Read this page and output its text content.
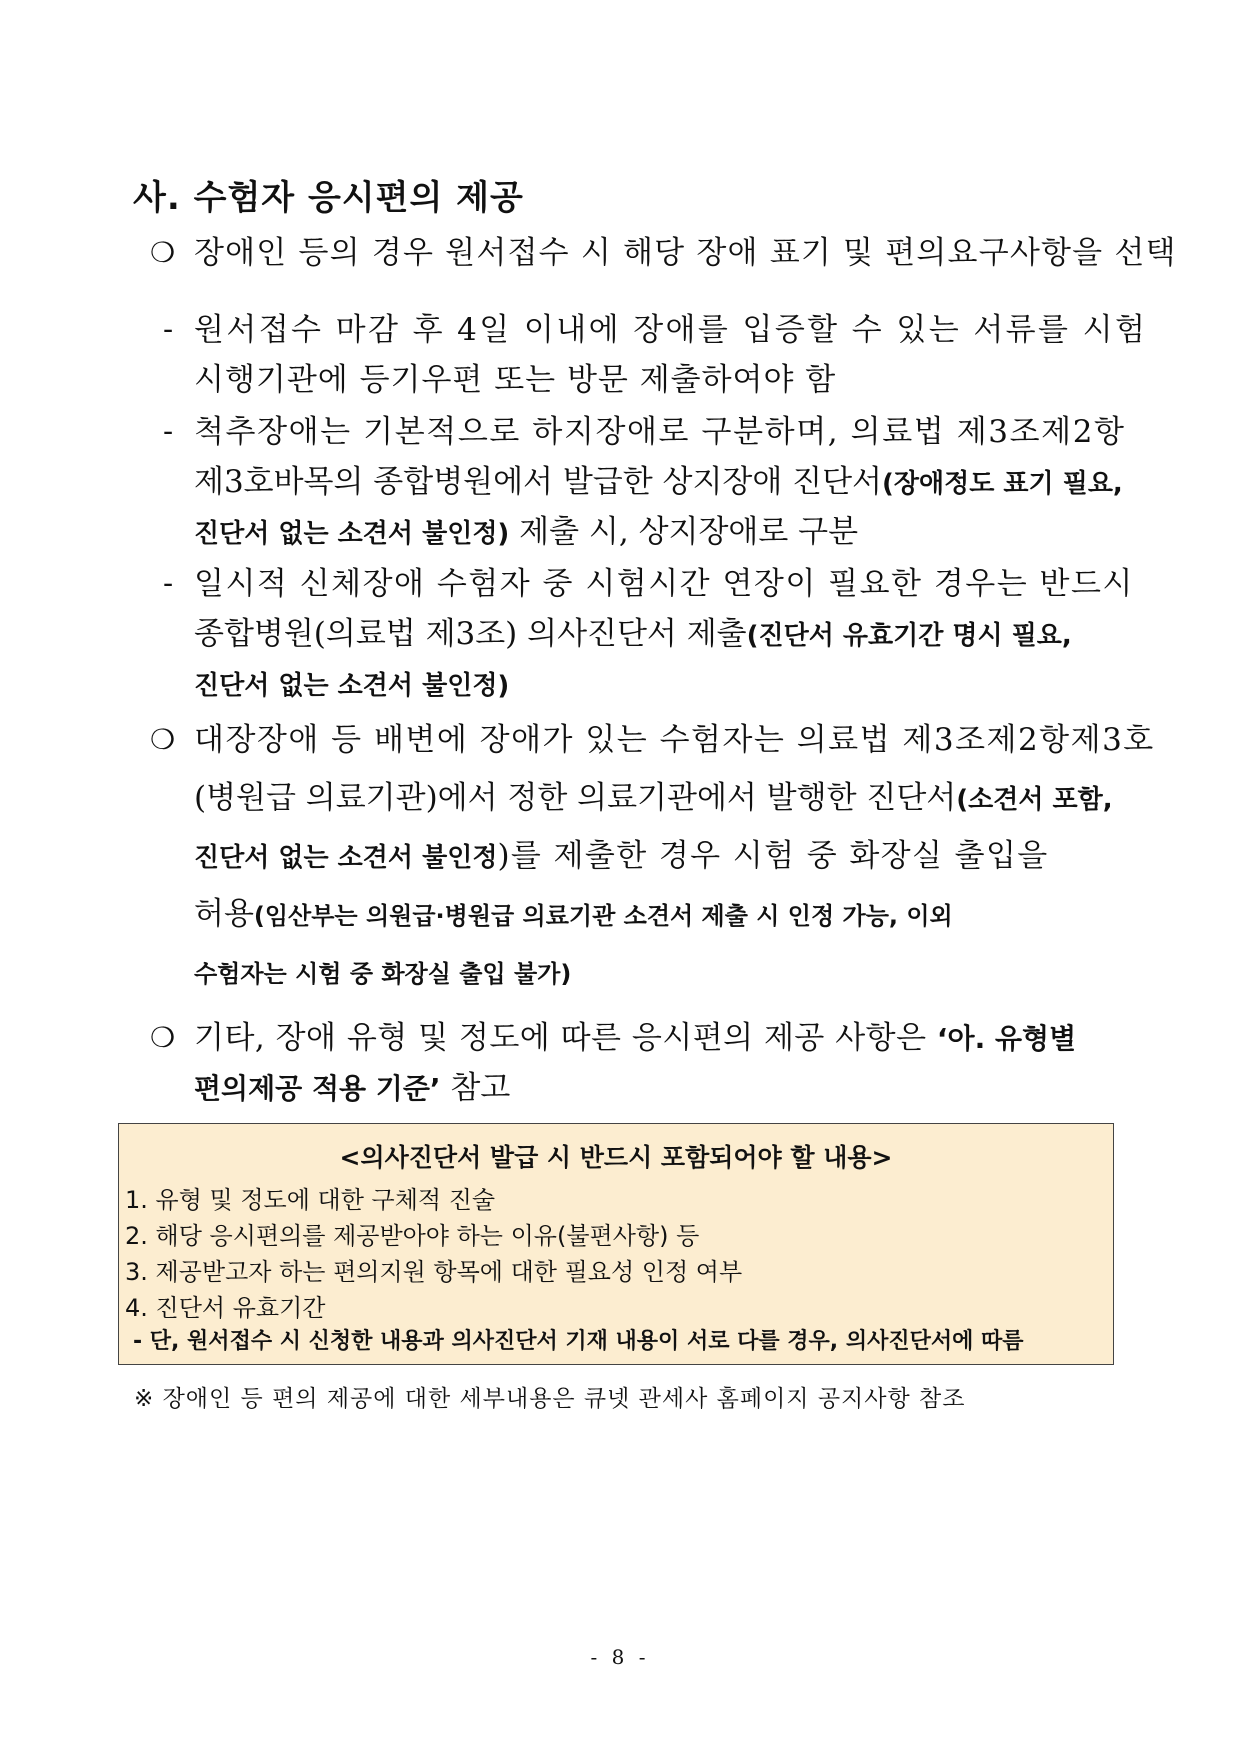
사. 수험자 응시편의 제공
❍ 장애인 등의 경우 원서접수 시 해당 장애 표기 및 편의요구사항을 선택
- 원서접수 마감 후 4일 이내에 장애를 입증할 수 있는 서류를 시험
시행기관에 등기우편 또는 방문 제출하여야 함
- 척추장애는 기본적으로 하지장애로 구분하며, 의료법 제3조제2항
제3호바목의 종합병원에서 발급한 상지장애 진단서(장애정도 표기 필요,
진단서 없는 소견서 불인정) 제출 시, 상지장애로 구분
- 일시적 신체장애 수험자 중 시험시간 연장이 필요한 경우는 반드시
종합병원(의료법 제3조) 의사진단서 제출(진단서 유효기간 명시 필요,
진단서 없는 소견서 불인정)
❍ 대장장애 등 배변에 장애가 있는 수험자는 의료법 제3조제2항제3호
(병원급 의료기관)에서 정한 의료기관에서 발행한 진단서(소견서 포함,
진단서 없는 소견서 불인정)를 제출한 경우 시험 중 화장실 출입을
허용(임산부는 의원급·병원급 의료기관 소견서 제출 시 인정 가능, 이외
수험자는 시험 중 화장실 출입 불가)
❍ 기타, 장애 유형 및 정도에 따른 응시편의 제공 사항은 ‘아. 유형별
편의제공 적용 기준’ 참고
<의사진단서 발급 시 반드시 포함되어야 할 내용>
1. 유형 및 정도에 대한 구체적 진술
2. 해당 응시편의를 제공받아야 하는 이유(불편사항) 등
3. 제공받고자 하는 편의지원 항목에 대한 필요성 인정 여부
4. 진단서 유효기간
- 단, 원서접수 시 신청한 내용과 의사진단서 기재 내용이 서로 다를 경우, 의사진단서에 따름
※ 장애인 등 편의 제공에 대한 세부내용은 큐넷 관세사 홈페이지 공지사항 참조
- 8 -
